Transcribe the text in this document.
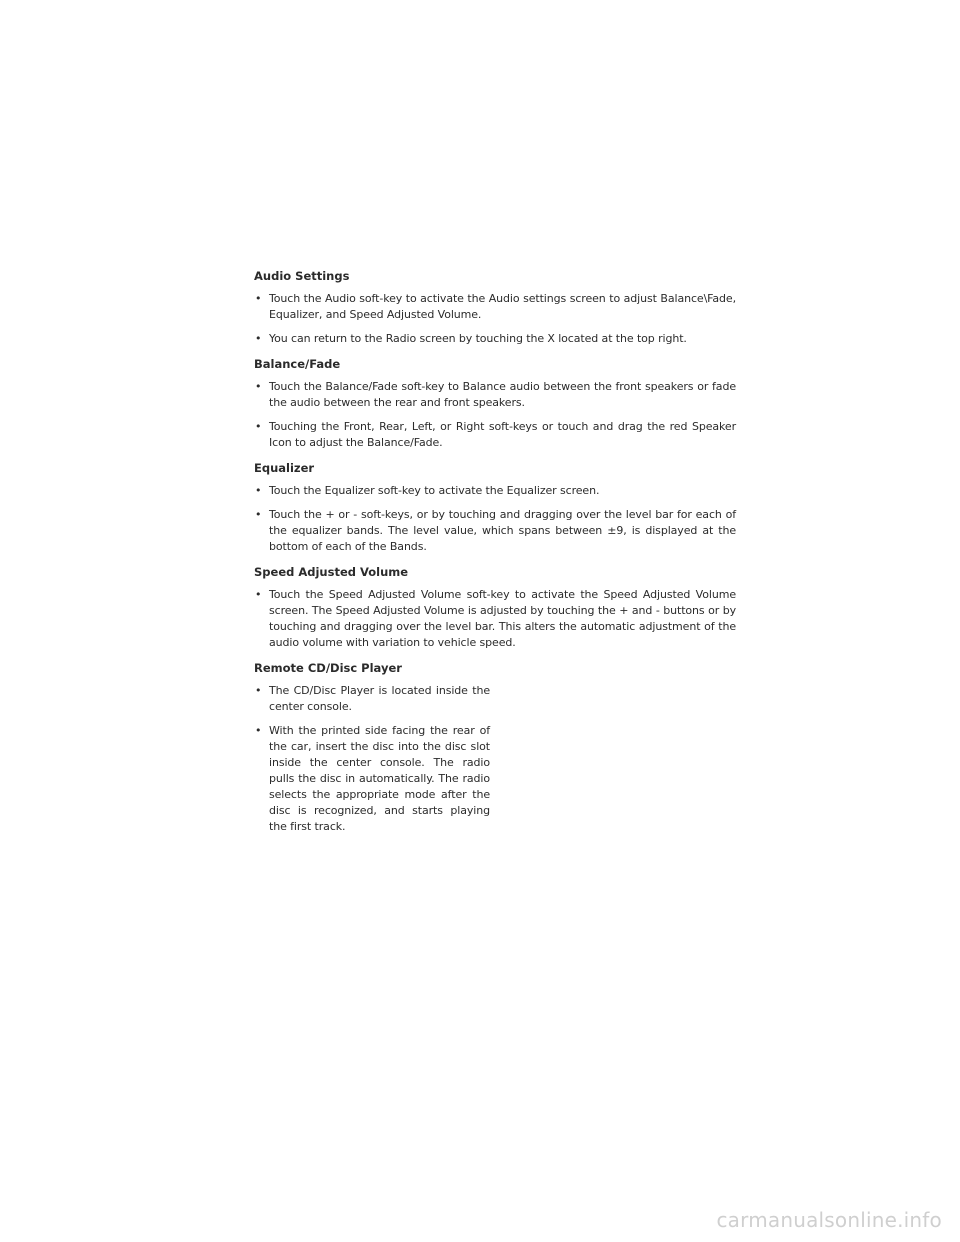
Audio Settings
• Touch the Audio soft-key to activate the Audio settings screen to adjust Balance\Fade, Equalizer, and Speed Adjusted Volume.
• You can return to the Radio screen by touching the X located at the top right.
Balance/Fade
• Touch the Balance/Fade soft-key to Balance audio between the front speakers or fade the audio between the rear and front speakers.
• Touching the Front, Rear, Left, or Right soft-keys or touch and drag the red Speaker Icon to adjust the Balance/Fade.
Equalizer
• Touch the Equalizer soft-key to activate the Equalizer screen.
• Touch the + or - soft-keys, or by touching and dragging over the level bar for each of the equalizer bands. The level value, which spans between ±9, is displayed at the bottom of each of the Bands.
Speed Adjusted Volume
• Touch the Speed Adjusted Volume soft-key to activate the Speed Adjusted Volume screen. The Speed Adjusted Volume is adjusted by touching the + and - buttons or by touching and dragging over the level bar. This alters the automatic adjustment of the audio volume with variation to vehicle speed.
Remote CD/Disc Player
• The CD/Disc Player is located inside the center console.
• With the printed side facing the rear of the car, insert the disc into the disc slot inside the center console. The radio pulls the disc in automatically. The radio selects the appropriate mode after the disc is recognized, and starts playing the first track.
carmanualsonline.info
